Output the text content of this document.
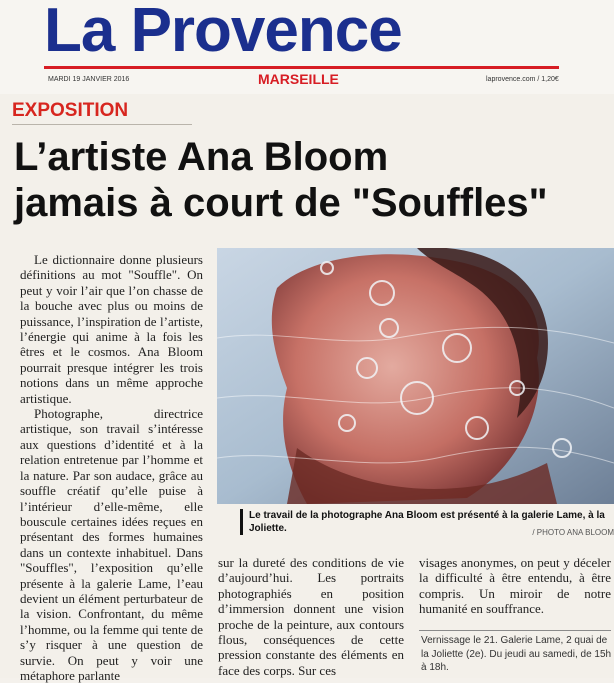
La Provence
MARDI 19 JANVIER 2016	MARSEILLE	laprovence.com / 1,20€
EXPOSITION
L’artiste Ana Bloom
jamais à court de "Souffles"

Le dictionnaire donne plusieurs définitions au mot "Souffle". On peut y voir l’air que l’on chasse de la bouche avec plus ou moins de puissance, l’inspiration de l’artiste, l’énergie qui anime à la fois les êtres et le cosmos. Ana Bloom pourrait presque intégrer les trois notions dans un même approche artistique.

Photographe, directrice artistique, son travail s’intéresse aux questions d’identité et à la relation entretenue par l’homme et la nature. Par son audace, grâce au souffle créatif qu’elle puise à l’intérieur d’elle-même, elle bouscule certaines idées reçues en présentant des formes humaines dans un contexte inhabituel. Dans "Souffles", l’exposition qu’elle présente à la galerie Lame, l’eau devient un élément perturbateur de la vision. Confrontant, du même l’homme, ou la femme qui tente de s’y risquer à une question de survie. On peut y voir une métaphore parlante

Le travail de la photographe Ana Bloom est présenté à la galerie Lame, à la Joliette.	/ PHOTO ANA BLOOM

sur la dureté des conditions de vie d’aujourd’hui. Les portraits photographiés en position d’immersion donnent une vision proche de la peinture, aux contours flous, conséquences de cette pression constante des éléments en face des corps. Sur ces

visages anonymes, on peut y déceler la difficulté à être entendu, à être compris. Un miroir de notre humanité en souffrance.

Vernissage le 21. Galerie Lame, 2 quai de la Joliette (2e). Du jeudi au samedi, de 15h à 18h.
